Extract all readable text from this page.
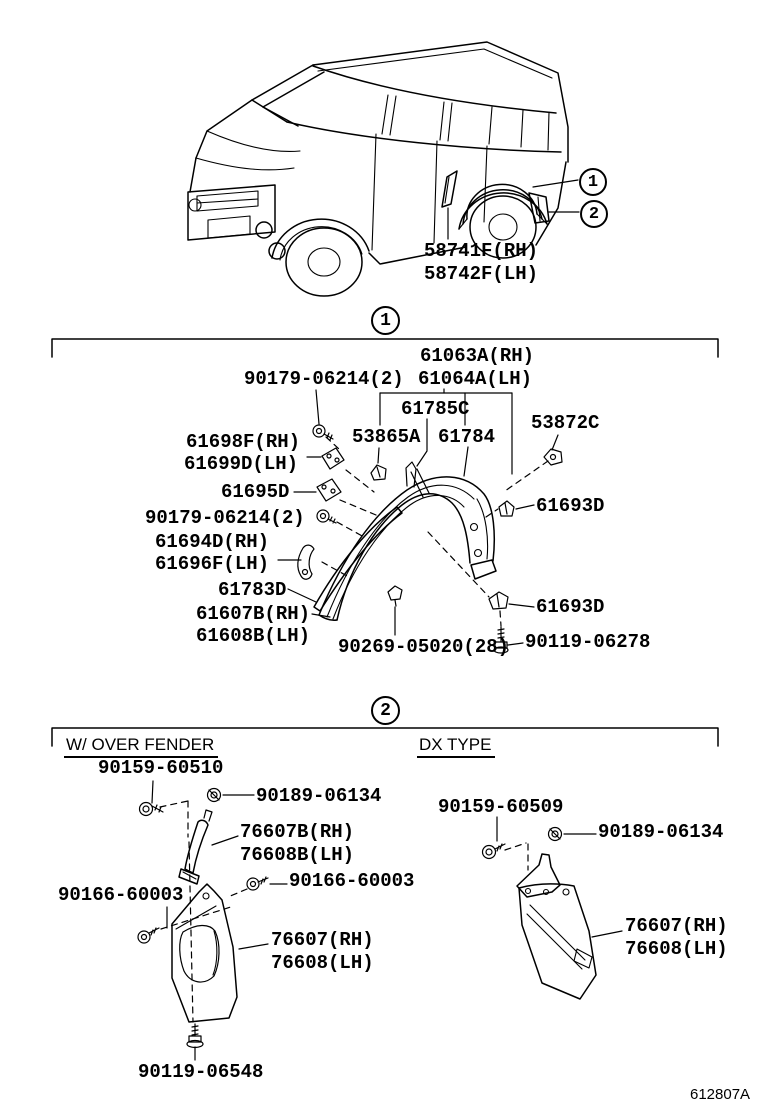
1
2
58741F(RH)
58742F(LH)
1
90179-06214(2)
61063A(RH)
61064A(LH)
61785C
53865A 61784
53872C
61698F(RH)
61699D(LH)
61695D
90179-06214(2)
61694D(RH)
61696F(LH)
61783D
61607B(RH)
61608B(LH) 90269-05020(28)
61693D
61693D
90119-06278
2
W/ OVER FENDER	DX TYPE
90159-60510
90189-06134
76607B(RH)
76608B(LH)
90166-60003
90166-60003
76607(RH)
76608(LH)
90119-06548
90159-60509
90189-06134
76607(RH)
76608(LH)
612807A
